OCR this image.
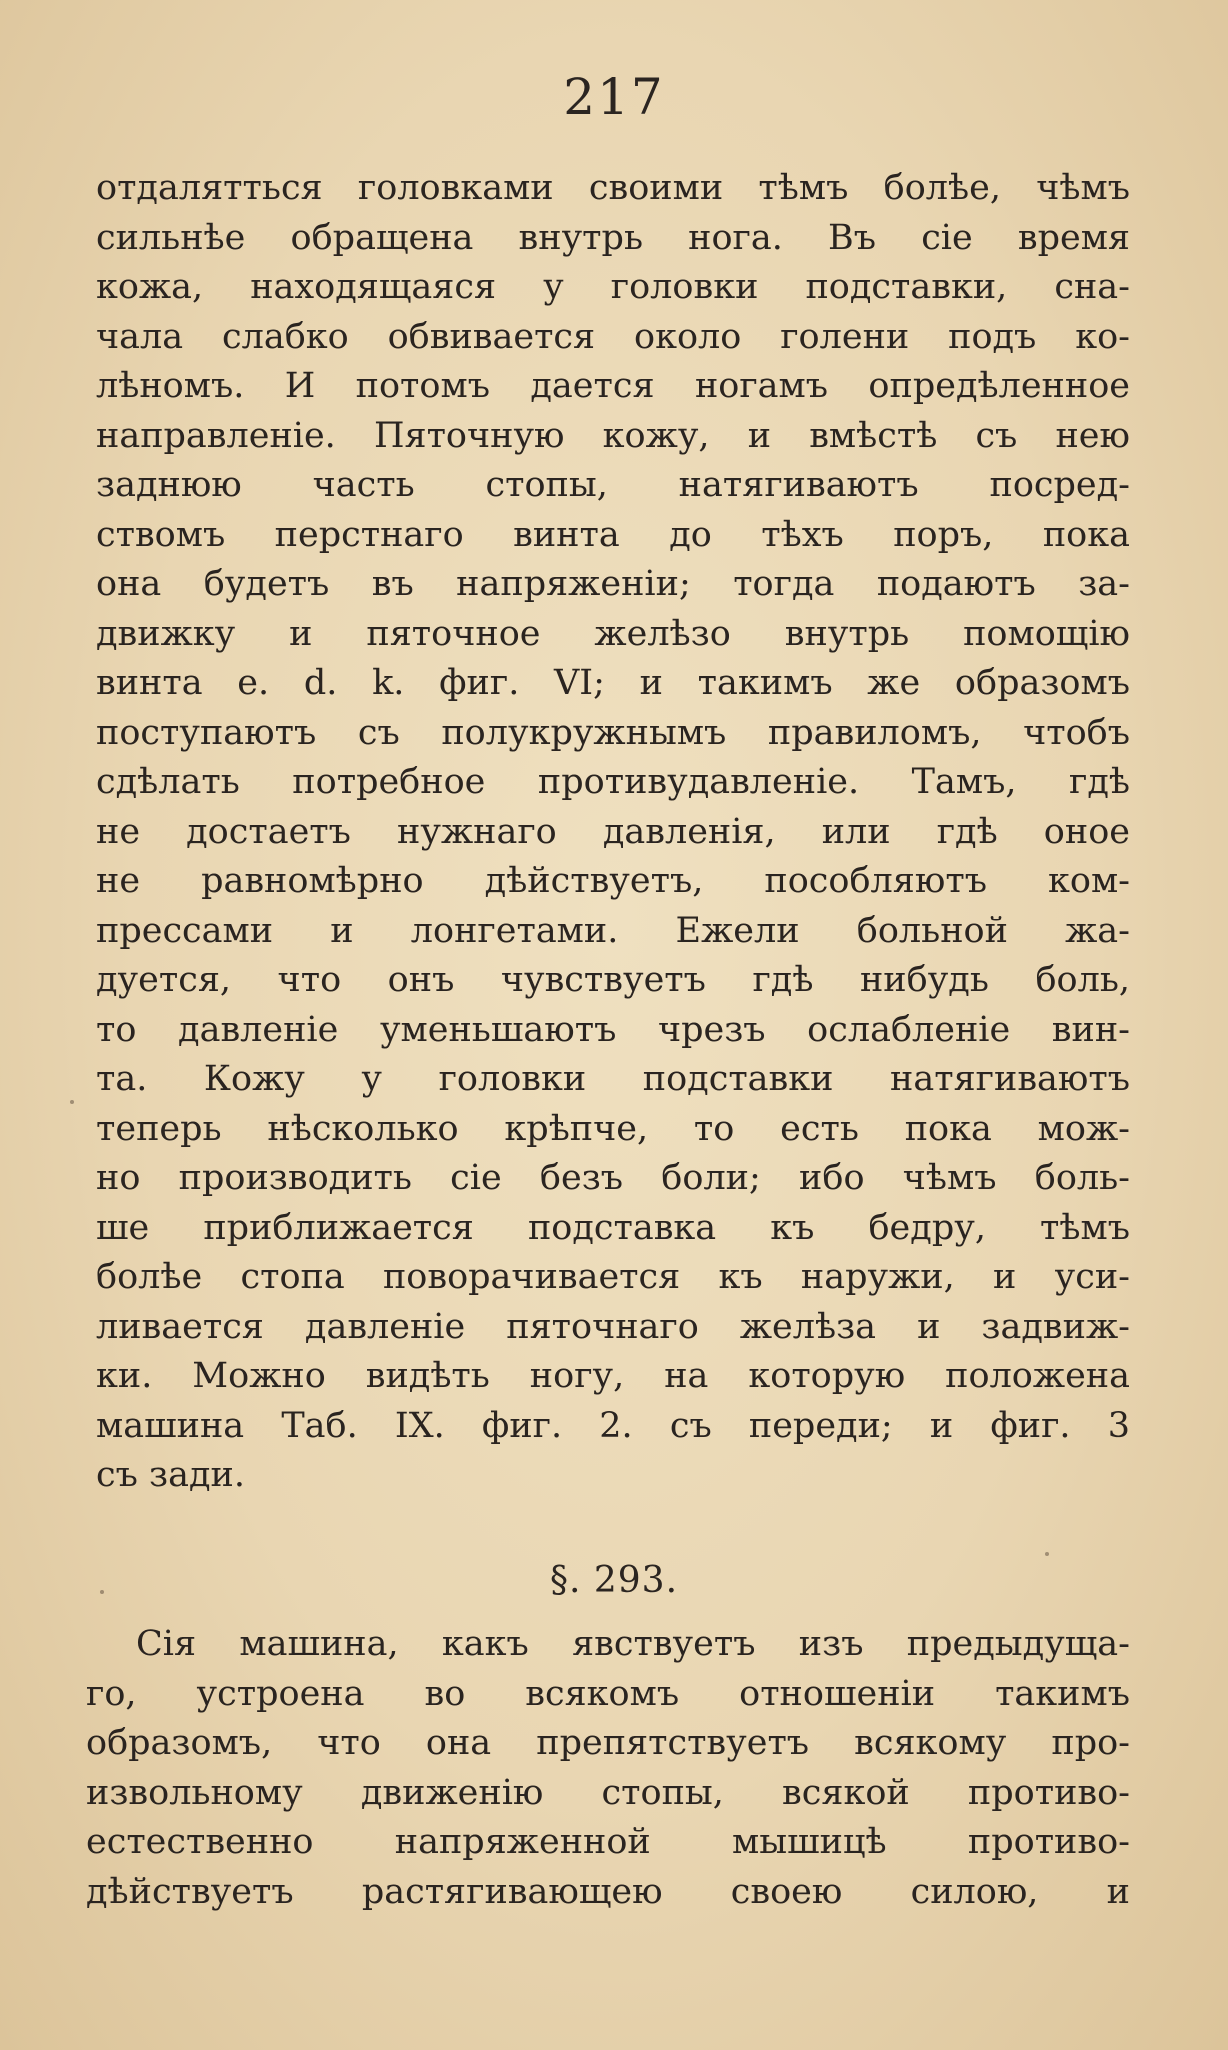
217
отдалятться головками своими тѣмъ болѣе, чѣмъ
сильнѣе обращена внутрь нога. Въ сіе время
кожа, находящаяся у головки подставки, сна-
чала слабко обвивается около голени подъ ко-
лѣномъ. И потомъ дается ногамъ опредѣленное
направленіе. Пяточную кожу, и вмѣстѣ съ нею
заднюю часть стопы, натягиваютъ посред-
ствомъ перстнаго винта до тѣхъ поръ, пока
она будетъ въ напряженіи; тогда подаютъ за-
движку и пяточное желѣзо внутрь помощію
винта е. d. k. фиг. VI; и такимъ же образомъ
поступаютъ съ полукружнымъ правиломъ, чтобъ
сдѣлать потребное противудавленіе. Тамъ, гдѣ
не достаетъ нужнаго давленія, или гдѣ оное
не равномѣрно дѣйствуетъ, пособляютъ ком-
прессами и лонгетами. Ежели больной жа-
дуется, что онъ чувствуетъ гдѣ нибудь боль,
то давленіе уменьшаютъ чрезъ ослабленіе вин-
та. Кожу у головки подставки натягиваютъ
теперь нѣсколько крѣпче, то есть пока мож-
но производить сіе безъ боли; ибо чѣмъ боль-
ше приближается подставка къ бедру, тѣмъ
болѣе стопа поворачивается къ наружи, и уси-
ливается давленіе пяточнаго желѣза и задвиж-
ки. Можно видѣть ногу, на которую положена
машина Таб. IX. фиг. 2. съ переди; и фиг. 3
съ зади.
§. 293.
Сія машина, какъ явствуетъ изъ предыдуща-
го, устроена во всякомъ отношеніи такимъ
образомъ, что она препятствуетъ всякому про-
извольному движенію стопы, всякой противо-
естественно напряженной мышицѣ противо-
дѣйствуетъ растягивающею своею силою, и
